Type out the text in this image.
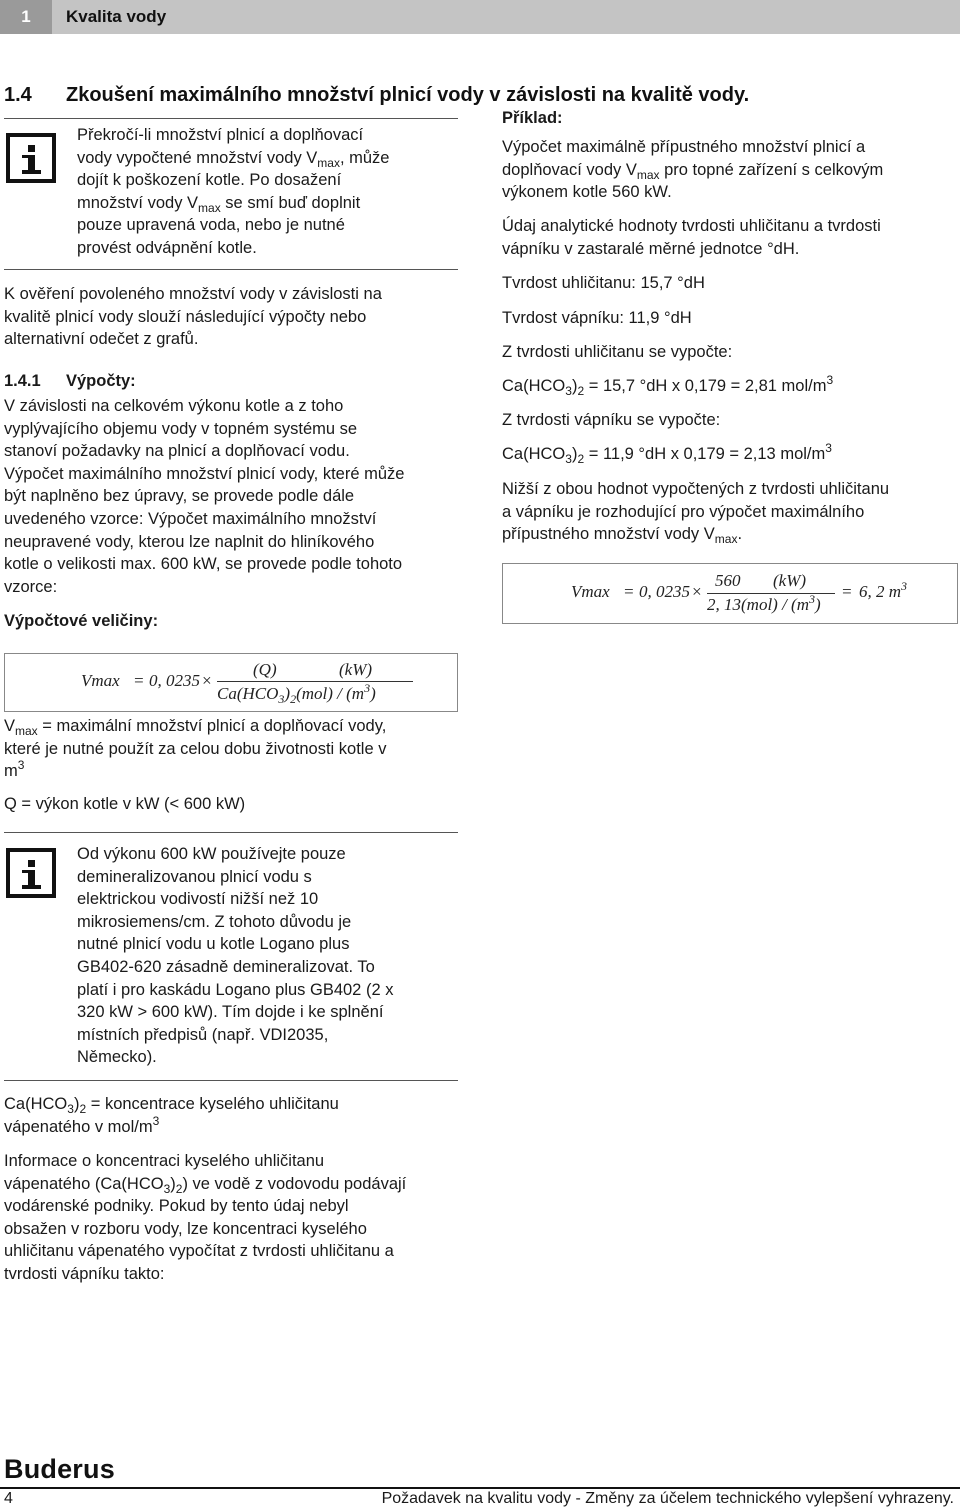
1	Kvalita vody
1.4 Zkoušení maximálního množství plnicí vody v závislosti na kvalitě vody.
Překročí-li množství plnicí a doplňovací
vody vypočtené množství vody $V_{max}$, může
dojít k poškození kotle. Po dosažení
množství vody $V_{max}$ se smí buď doplnit
pouze upravená voda, nebo je nutné
provést odvápnění kotle.
K ověření povoleného množství vody v závislosti na
kvalitě plnicí vody slouží následující výpočty nebo
alternativní odečet z grafů.
1.4.1 Výpočty:
V závislosti na celkovém výkonu kotle a z toho
vyplývajícího objemu vody v topném systému se
stanoví požadavky na plnicí a doplňovací vodu.
Výpočet maximálního množství plnicí vody, které může
být naplněno bez úpravy, se provede podle dále
uvedeného vzorce: Výpočet maximálního množství
neupravené vody, kterou lze naplnit do hliníkového
kotle o velikosti max. 600 kW, se provede podle tohoto
vzorce:
Výpočtové veličiny:
Vmax = 0, 0235 ×
(Q)	(kW)
$Ca(HCO_3)_2(mol) / (m^3)$
$V_{max}$ = maximální množství plnicí a doplňovací vody,
které je nutné použít za celou dobu životnosti kotle v
$m^3$
Q = výkon kotle v kW (< 600 kW)
Od výkonu 600 kW používejte pouze
demineralizovanou plnicí vodu s
elektrickou vodivostí nižší než 10
mikrosiemens/cm. Z tohoto důvodu je
nutné plnicí vodu u kotle Logano plus
GB402-620 zásadně demineralizovat. To
platí i pro kaskádu Logano plus GB402 (2 x
320 kW > 600 kW). Tím dojde i ke splnění
místních předpisů (např. VDI2035,
Německo).
$Ca(HCO_3)_2$ = koncentrace kyselého uhličitanu
vápenatého v mol/$m^3$
Informace o koncentraci kyselého uhličitanu
vápenatého $(Ca(HCO_3)_2)$ ve vodě z vodovodu podávají
vodárenské podniky. Pokud by tento údaj nebyl
obsažen v rozboru vody, lze koncentraci kyselého
uhličitanu vápenatého vypočítat z tvrdosti uhličitanu a
tvrdosti vápníku takto:
Příklad:
Výpočet maximálně přípustného množství plnicí a
doplňovací vody $V_{max}$ pro topné zařízení s celkovým
výkonem kotle 560 kW.
Údaj analytické hodnoty tvrdosti uhličitanu a tvrdosti
vápníku v zastaralé měrné jednotce °dH.
Tvrdost uhličitanu: 15,7 °dH
Tvrdost vápníku: 11,9 °dH
Z tvrdosti uhličitanu se vypočte:
$Ca(HCO_3)_2 = 15,7$ °dH x 0,179 = 2,81 mol/$m^3$
Z tvrdosti vápníku se vypočte:
$Ca(HCO_3)_2 = 11,9$ °dH x 0,179 = 2,13 mol/$m^3$
Nižší z obou hodnot vypočtených z tvrdosti uhličitanu
a vápníku je rozhodující pro výpočet maximálního
přípustného množství vody $V_{max}$.
Vmax = 0, 0235 ×
560 (kW)
2, $13(mol) / (m^3)$
= 6, 2 $m^3$
Buderus
4	Požadavek na kvalitu vody - Změny za účelem technického vylepšení vyhrazeny.
